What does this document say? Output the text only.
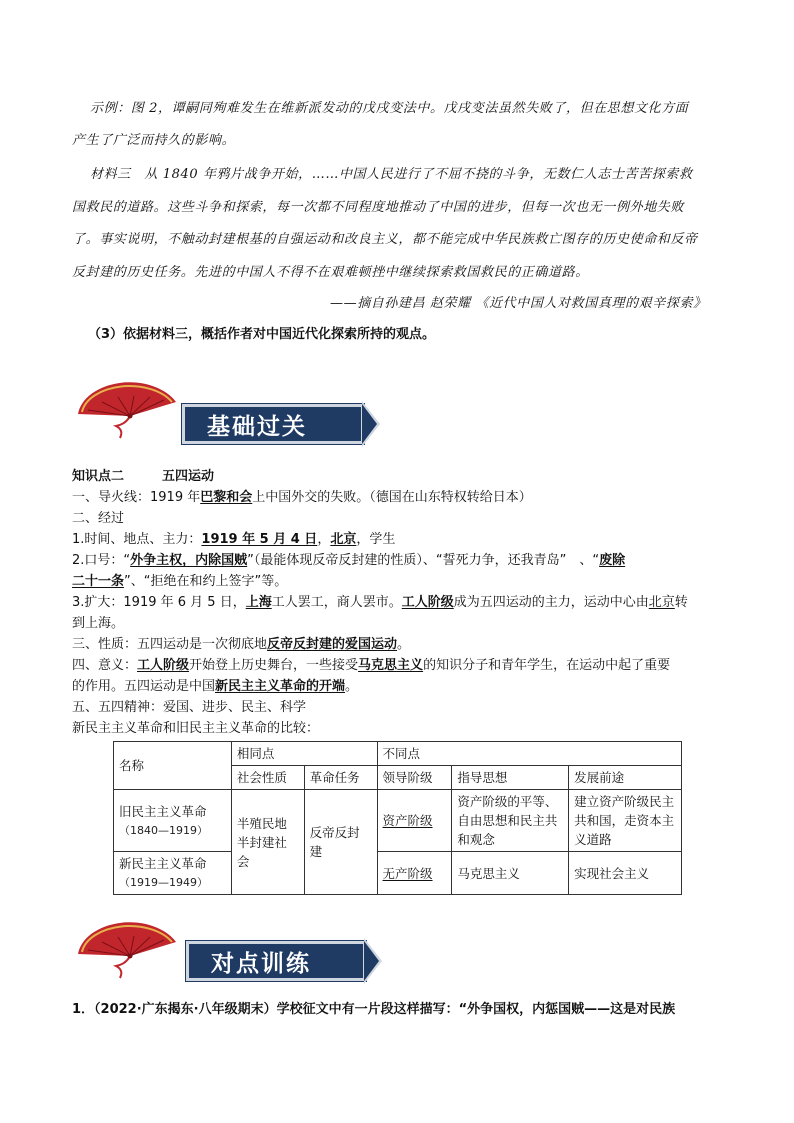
示例：图 2，谭嗣同殉难发生在维新派发动的戊戌变法中。戊戌变法虽然失败了，但在思想文化方面
产生了广泛而持久的影响。
材料三　从 1840 年鸦片战争开始，……中国人民进行了不屈不挠的斗争，无数仁人志士苦苦探索救
国救民的道路。这些斗争和探索，每一次都不同程度地推动了中国的进步，但每一次也无一例外地失败
了。事实说明，不触动封建根基的自强运动和改良主义，都不能完成中华民族救亡图存的历史使命和反帝
反封建的历史任务。先进的中国人不得不在艰难顿挫中继续探索救国救民的正确道路。
——摘自孙建昌 赵荣耀 《近代中国人对救国真理的艰辛探索》
（3）依据材料三，概括作者对中国近代化探索所持的观点。
基础过关
知识点二	五四运动
一、导火线：1919 年巴黎和会上中国外交的失败。（德国在山东特权转给日本）
二、经过
1.时间、地点、主力：1919 年 5 月 4 日，北京，学生
2.口号：“外争主权，内除国贼”（最能体现反帝反封建的性质）、“誓死力争，还我青岛”　、“废除
二十一条”、“拒绝在和约上签字”等。
3.扩大：1919 年 6 月 5 日，上海工人罢工，商人罢市。工人阶级成为五四运动的主力，运动中心由北京转
到上海。
三、性质：五四运动是一次彻底地反帝反封建的爱国运动。
四、意义：工人阶级开始登上历史舞台，一些接受马克思主义的知识分子和青年学生，在运动中起了重要
的作用。五四运动是中国新民主主义革命的开端。
五、五四精神：爱国、进步、民主、科学
新民主主义革命和旧民主主义革命的比较：
名称	相同点		不同点		
	社会性质	革命任务	领导阶级	指导思想	发展前途

旧民主主义革命
（1840—1919）	半殖民地半封建社会	反帝反封建	资产阶级	资产阶级的平等、自由思想和民主共和观念	建立资产阶级民主共和国，走资本主义道路

新民主主义革命
（1919—1949）			无产阶级	马克思主义	实现社会主义
对点训练
1．（2022·广东揭东·八年级期末）学校征文中有一片段这样描写：“外争国权，内惩国贼——这是对民族
